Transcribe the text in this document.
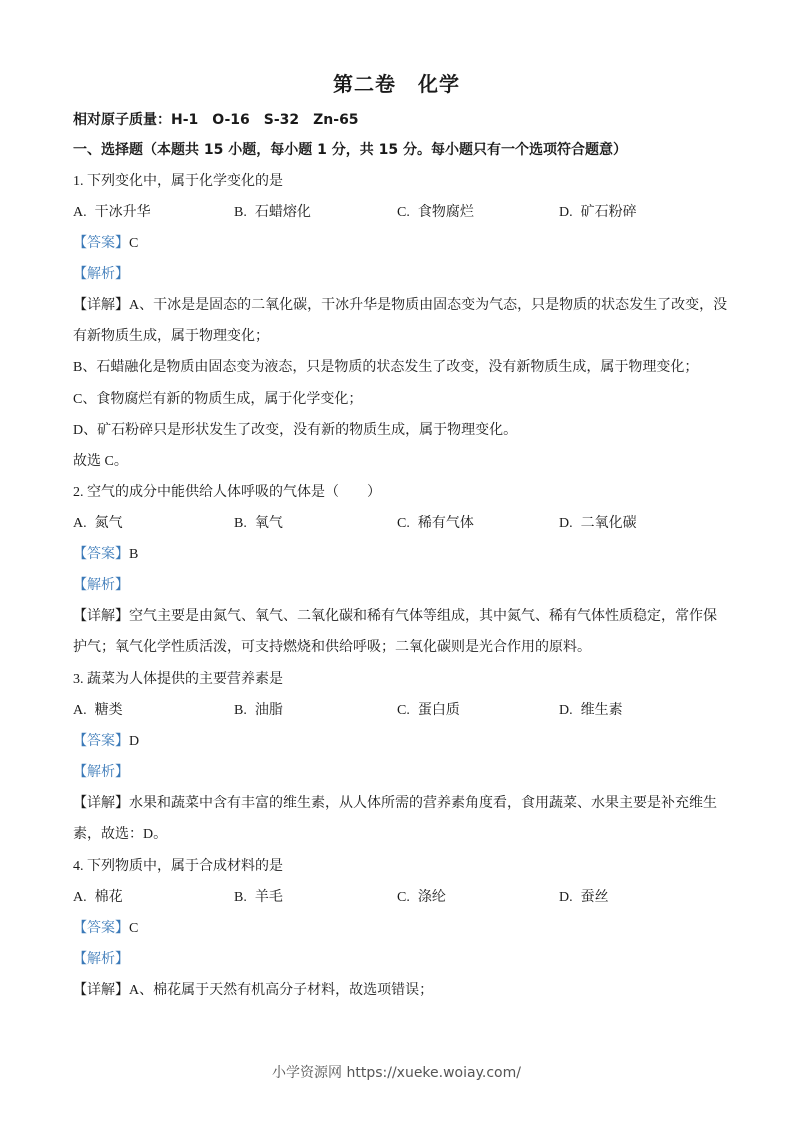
第二卷 化学
相对原子质量：H-1 O-16 S-32 Zn-65
一、选择题（本题共 15 小题，每小题 1 分，共 15 分。每小题只有一个选项符合题意）
1. 下列变化中，属于化学变化的是
A. 干冰升华	B. 石蜡熔化	C. 食物腐烂	D. 矿石粉碎
【答案】C
【解析】
【详解】A、干冰是是固态的二氧化碳，干冰升华是物质由固态变为气态，只是物质的状态发生了改变，没
有新物质生成，属于物理变化；
B、石蜡融化是物质由固态变为液态，只是物质的状态发生了改变，没有新物质生成，属于物理变化；
C、食物腐烂有新的物质生成，属于化学变化；
D、矿石粉碎只是形状发生了改变，没有新的物质生成，属于物理变化。
故选 C。
2. 空气的成分中能供给人体呼吸的气体是（　　）
A. 氮气	B. 氧气	C. 稀有气体	D. 二氧化碳
【答案】B
【解析】
【详解】空气主要是由氮气、氧气、二氧化碳和稀有气体等组成，其中氮气、稀有气体性质稳定，常作保
护气；氧气化学性质活泼，可支持燃烧和供给呼吸；二氧化碳则是光合作用的原料。
3. 蔬菜为人体提供的主要营养素是
A. 糖类	B. 油脂	C. 蛋白质	D. 维生素
【答案】D
【解析】
【详解】水果和蔬菜中含有丰富的维生素，从人体所需的营养素角度看，食用蔬菜、水果主要是补充维生
素，故选：D。
4. 下列物质中，属于合成材料的是
A. 棉花	B. 羊毛	C. 涤纶	D. 蚕丝
【答案】C
【解析】
【详解】A、棉花属于天然有机高分子材料，故选项错误；
小学资源网 https://xueke.woiay.com/
